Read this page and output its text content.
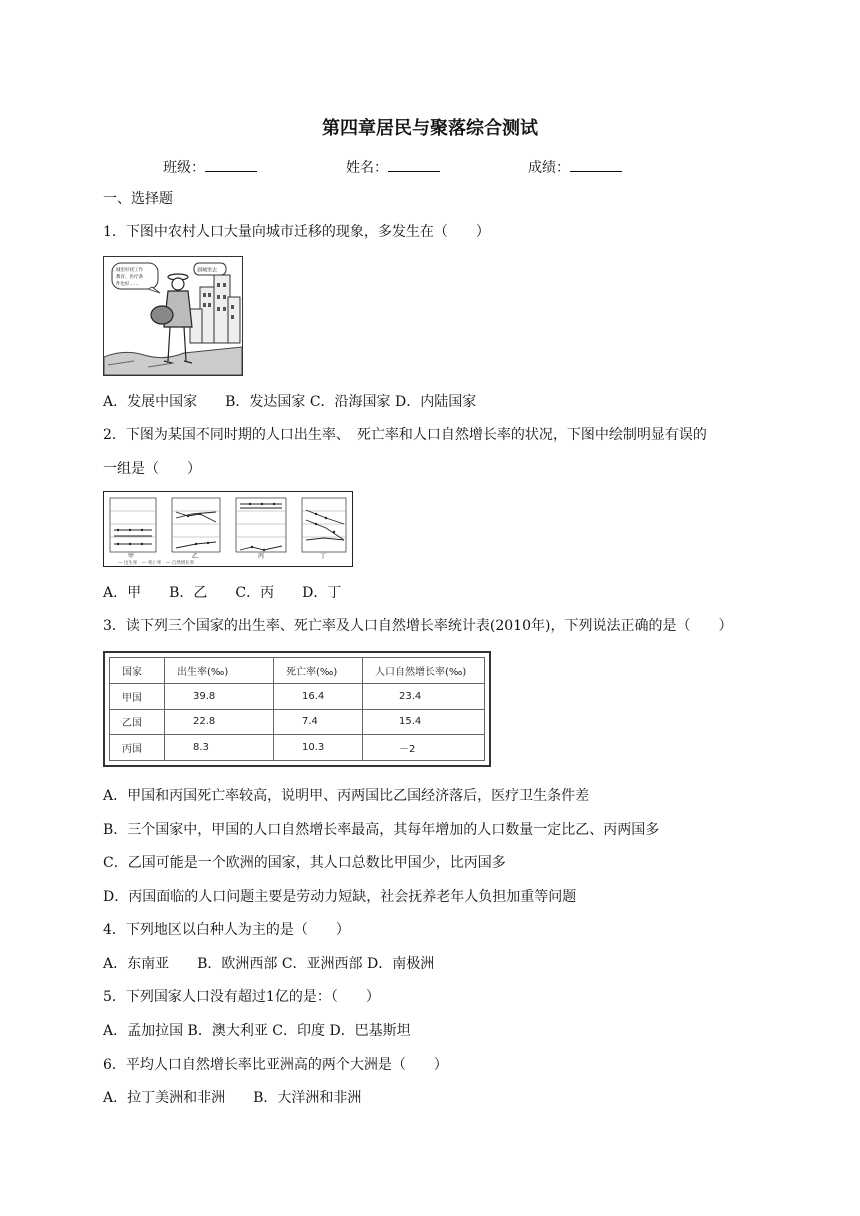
第四章居民与聚落综合测试
班级：	姓名：	成绩：
一、选择题
1．下图中农村人口大量向城市迁移的现象，多发生在（　　）
城里好找工作
教育、医疗条
件也好……
到城里去
A．发展中国家　　B．发达国家 C．沿海国家 D．内陆国家
2．下图为某国不同时期的人口出生率、　死亡率和人口自然增长率的状况，下图中绘制明显有误的
一组是（　　）
甲	乙	丙	丁
— 出生率　— 死亡率　— 自然增长率
A．甲　　B．乙　　C．丙　　D．丁
3．读下列三个国家的出生率、死亡率及人口自然增长率统计表(2010年)，下列说法正确的是（　　）
国家	出生率(‰)	死亡率(‰)	人口自然增长率(‰)
甲国	39.8	16.4	23.4
乙国	22.8	7.4	15.4
丙国	8.3	10.3	－2
A．甲国和丙国死亡率较高，说明甲、丙两国比乙国经济落后，医疗卫生条件差
B．三个国家中，甲国的人口自然增长率最高，其每年增加的人口数量一定比乙、丙两国多
C．乙国可能是一个欧洲的国家，其人口总数比甲国少，比丙国多
D．丙国面临的人口问题主要是劳动力短缺，社会抚养老年人负担加重等问题
4．下列地区以白种人为主的是（　　）
A．东南亚　　B．欧洲西部 C．亚洲西部 D．南极洲
5．下列国家人口没有超过1亿的是：（　　）
A．孟加拉国 B．澳大利亚 C．印度 D．巴基斯坦
6．平均人口自然增长率比亚洲高的两个大洲是（　　）
A．拉丁美洲和非洲　　B．大洋洲和非洲
